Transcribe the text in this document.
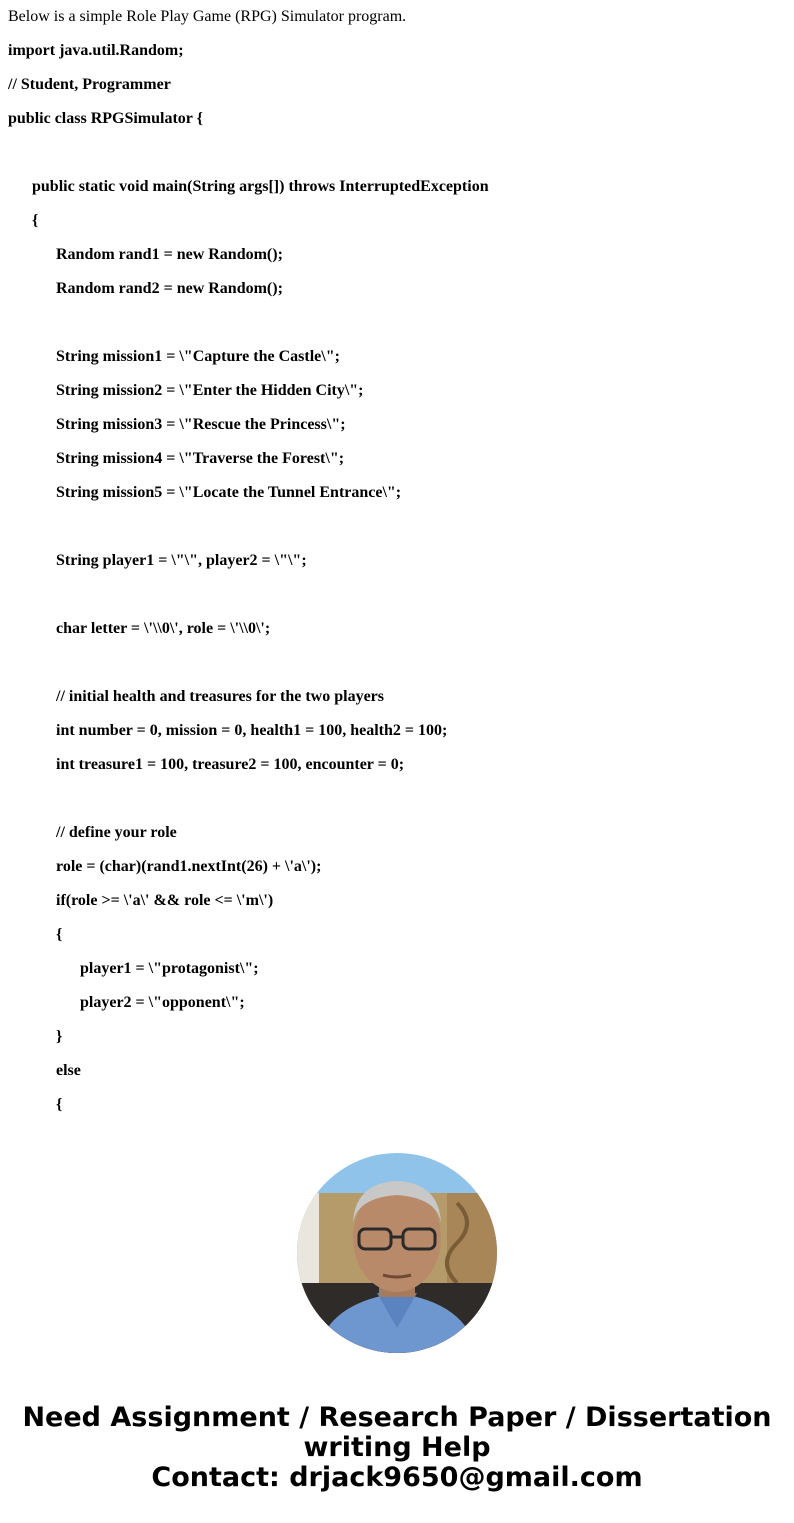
Below is a simple Role Play Game (RPG) Simulator program.
import java.util.Random;
// Student, Programmer
public class RPGSimulator {
public static void main(String args[]) throws InterruptedException
{
Random rand1 = new Random();
Random rand2 = new Random();
String mission1 = \"Capture the Castle\";
String mission2 = \"Enter the Hidden City\";
String mission3 = \"Rescue the Princess\";
String mission4 = \"Traverse the Forest\";
String mission5 = \"Locate the Tunnel Entrance\";
String player1 = \"\", player2 = \"\";
char letter = \'\\0\', role = \'\\0\';
// initial health and treasures for the two players
int number = 0, mission = 0, health1 = 100, health2 = 100;
int treasure1 = 100, treasure2 = 100, encounter = 0;
// define your role
role = (char)(rand1.nextInt(26) + \'a\');
if(role >= \'a\' && role <= \'m\')
{
player1 = \"protagonist\";
player2 = \"opponent\";
}
else
{
Need Assignment / Research Paper / Dissertation
writing Help
Contact: drjack9650@gmail.com
